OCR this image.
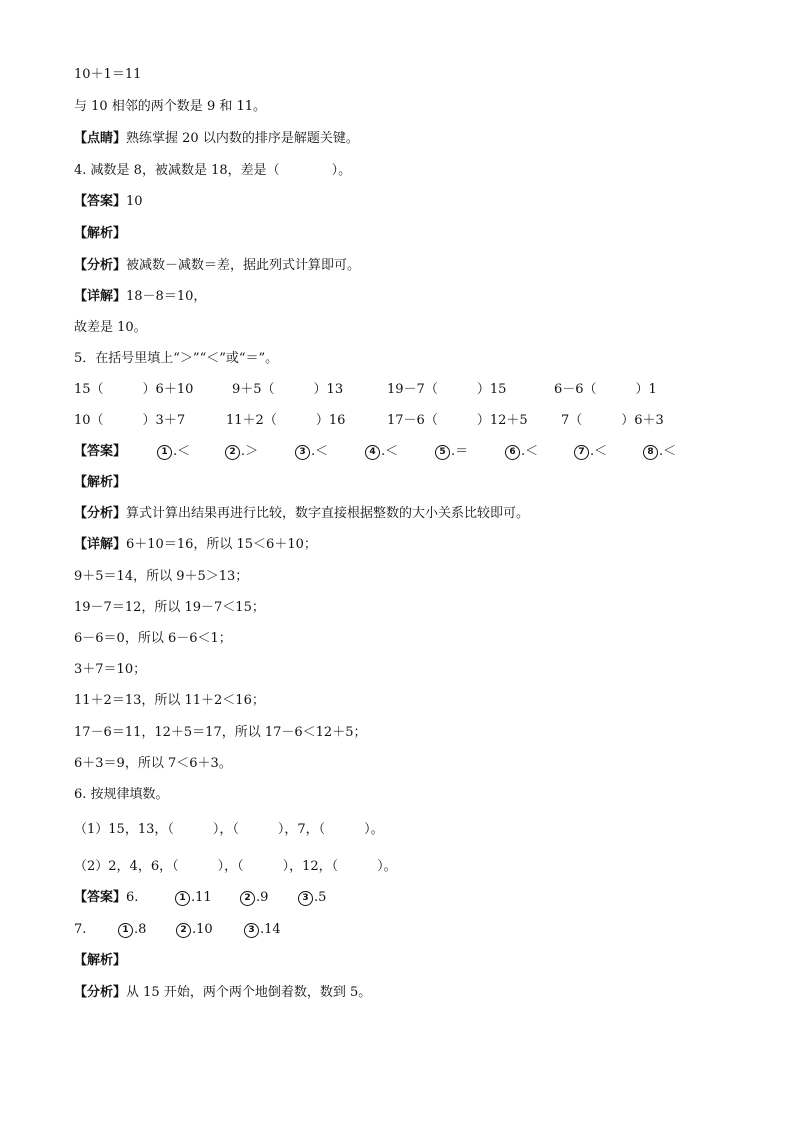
10＋1＝11
与 10 相邻的两个数是 9 和 11。
【点睛】熟练掌握 20 以内数的排序是解题关键。
4. 减数是 8，被减数是 18，差是（　　　　）。
【答案】10
【解析】
【分析】被减数－减数＝差，据此列式计算即可。
【详解】18－8＝10，
故差是 10。
5．在括号里填上“＞”“＜”或“＝”。
15（　　　）6＋10	9＋5（　　　）13	19－7（　　　）15	6－6（　　　）1
10（　　　）3＋7	11＋2（　　　）16	17－6（　　　）12＋5	7（　　　）6＋3
【答案】	1 .＜	2 .＞	3 .＜	4 .＜	5 .＝	6 .＜	7 .＜	8 .＜
【解析】
【分析】算式计算出结果再进行比较，数字直接根据整数的大小关系比较即可。
【详解】6＋10＝16，所以 15＜6＋10；
9＋5＝14，所以 9＋5＞13；
19－7＝12，所以 19－7＜15；
6－6＝0，所以 6－6＜1；
3＋7＝10；
11＋2＝13，所以 11＋2＜16；
17－6＝11，12＋5＝17，所以 17－6＜12＋5；
6＋3＝9，所以 7＜6＋3。
6. 按规律填数。
（1）15，13，（　　　），（　　　），7，（　　　）。
（2）2，4，6，（　　　），（　　　），12，（　　　）。
【答案】6.	1 .11	2 .9	3 .5
7.	1 .8	2 .10	3 .14
【解析】
【分析】从 15 开始，两个两个地倒着数，数到 5。
